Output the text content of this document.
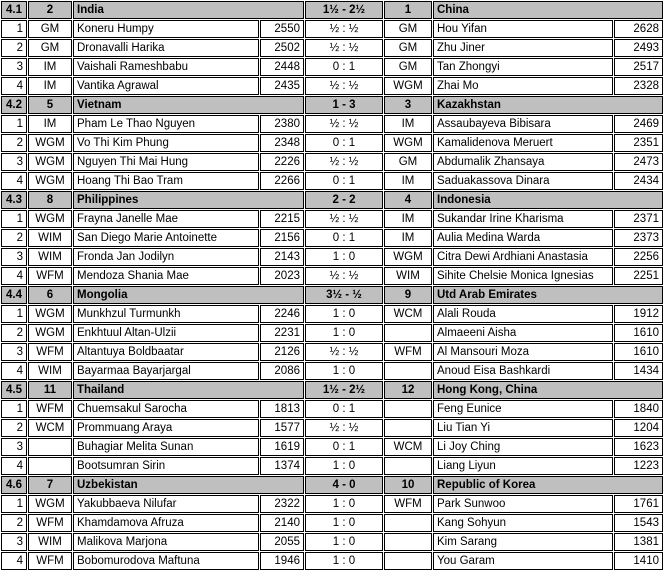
4.1	2	India		1½ - 2½	1	China	
1	GM	Koneru Humpy	2550	½ : ½	GM	Hou Yifan	2628
2	GM	Dronavalli Harika	2502	½ : ½	GM	Zhu Jiner	2493
3	IM	Vaishali Rameshbabu	2448	0 : 1	GM	Tan Zhongyi	2517
4	IM	Vantika Agrawal	2435	½ : ½	WGM	Zhai Mo	2328
4.2	5	Vietnam		1 - 3	3	Kazakhstan	
1	IM	Pham Le Thao Nguyen	2380	½ : ½	IM	Assaubayeva Bibisara	2469
2	WGM	Vo Thi Kim Phung	2348	0 : 1	WGM	Kamalidenova Meruert	2351
3	WGM	Nguyen Thi Mai Hung	2226	½ : ½	GM	Abdumalik Zhansaya	2473
4	WGM	Hoang Thi Bao Tram	2266	0 : 1	IM	Saduakassova Dinara	2434
4.3	8	Philippines		2 - 2	4	Indonesia	
1	WGM	Frayna Janelle Mae	2215	½ : ½	IM	Sukandar Irine Kharisma	2371
2	WIM	San Diego Marie Antoinette	2156	0 : 1	IM	Aulia Medina Warda	2373
3	WIM	Fronda Jan Jodilyn	2143	1 : 0	WGM	Citra Dewi Ardhiani Anastasia	2256
4	WFM	Mendoza Shania Mae	2023	½ : ½	WIM	Sihite Chelsie Monica Ignesias	2251
4.4	6	Mongolia		3½ - ½	9	Utd Arab Emirates	
1	WGM	Munkhzul Turmunkh	2246	1 : 0	WCM	Alali Rouda	1912
2	WGM	Enkhtuul Altan-Ulzii	2231	1 : 0		Almaeeni Aisha	1610
3	WFM	Altantuya Boldbaatar	2126	½ : ½	WFM	Al Mansouri Moza	1610
4	WIM	Bayarmaa Bayarjargal	2086	1 : 0		Anoud Eisa Bashkardi	1434
4.5	11	Thailand		1½ - 2½	12	Hong Kong, China	
1	WFM	Chuemsakul Sarocha	1813	0 : 1		Feng Eunice	1840
2	WCM	Prommuang Araya	1577	½ : ½		Liu Tian Yi	1204
3		Buhagiar Melita Sunan	1619	0 : 1	WCM	Li Joy Ching	1623
4		Bootsumran Sirin	1374	1 : 0		Liang Liyun	1223
4.6	7	Uzbekistan		4 - 0	10	Republic of Korea	
1	WGM	Yakubbaeva Nilufar	2322	1 : 0	WFM	Park Sunwoo	1761
2	WFM	Khamdamova Afruza	2140	1 : 0		Kang Sohyun	1543
3	WIM	Malikova Marjona	2055	1 : 0		Kim Sarang	1381
4	WFM	Bobomurodova Maftuna	1946	1 : 0		You Garam	1410
